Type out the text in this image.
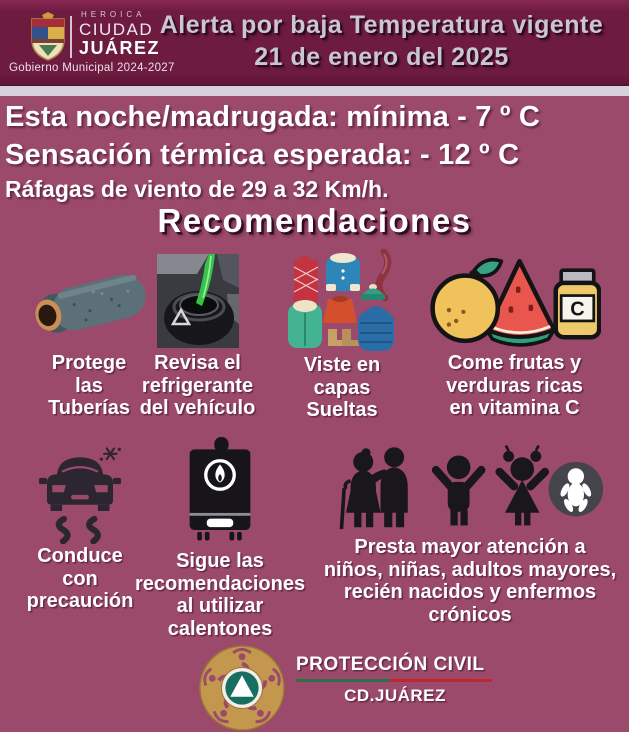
HEROICA
CIUDAD
JUÁREZ
Gobierno Municipal 2024-2027
Alerta por baja Temperatura vigente
21 de enero del 2025
Esta noche/madrugada: mínima - 7 º C
Sensación térmica esperada: - 12 º C
Ráfagas de viento de 29 a 32 Km/h.
Recomendaciones
Protege
las
Tuberías
Revisa el
refrigerante
del vehículo
Viste en
capas
Sueltas
C
Come frutas y
verduras ricas
en vitamina C
Conduce
con
precaución
Sigue las
recomendaciones
al utilizar
calentones
Presta mayor atención a
niños, niñas, adultos mayores,
recién nacidos y enfermos
crónicos
PROTECCIÓN CIVIL
CD.JUÁREZ
